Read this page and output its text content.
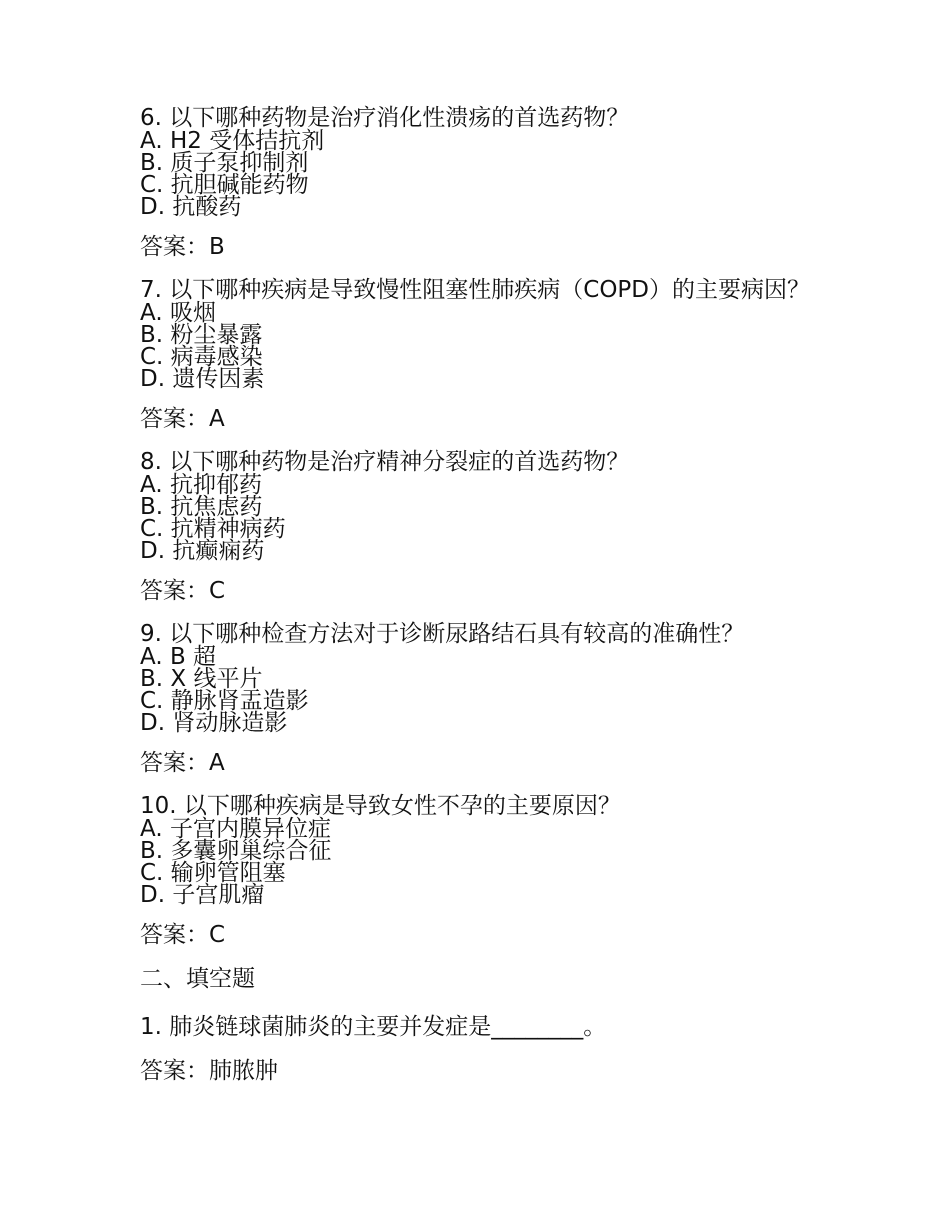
6. 以下哪种药物是治疗消化性溃疡的首选药物？

A. H2 受体拮抗剂
B. 质子泵抑制剂
C. 抗胆碱能药物
D. 抗酸药

答案：B

7. 以下哪种疾病是导致慢性阻塞性肺疾病（COPD）的主要病因？

A. 吸烟
B. 粉尘暴露
C. 病毒感染
D. 遗传因素

答案：A

8. 以下哪种药物是治疗精神分裂症的首选药物？

A. 抗抑郁药
B. 抗焦虑药
C. 抗精神病药
D. 抗癫痫药

答案：C

9. 以下哪种检查方法对于诊断尿路结石具有较高的准确性？

A. B 超
B. X 线平片
C. 静脉肾盂造影
D. 肾动脉造影

答案：A

10. 以下哪种疾病是导致女性不孕的主要原因？

A. 子宫内膜异位症
B. 多囊卵巢综合征
C. 输卵管阻塞
D. 子宫肌瘤

答案：C

二、填空题

1. 肺炎链球菌肺炎的主要并发症是________。

答案：肺脓肿
